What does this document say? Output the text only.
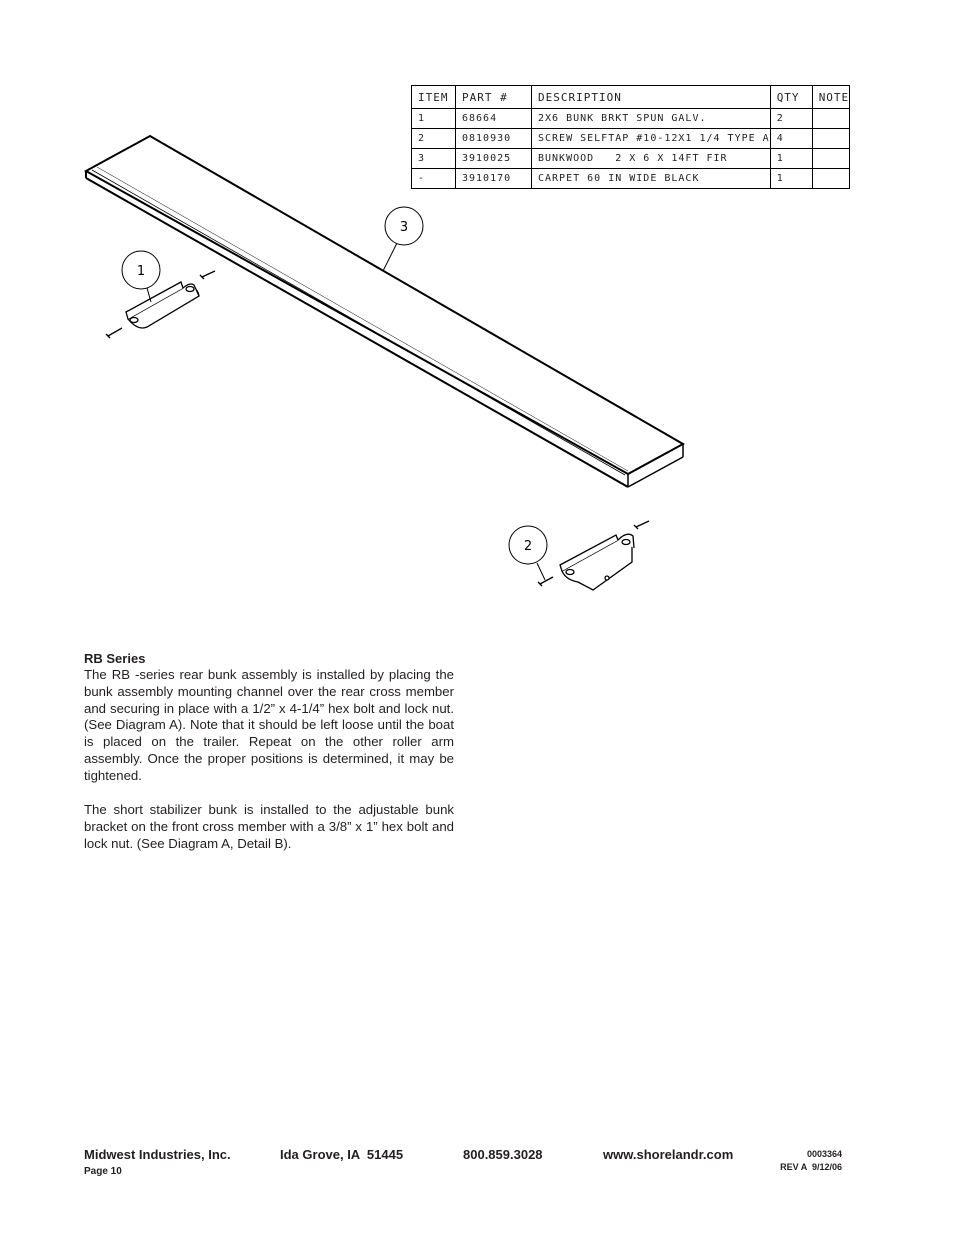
ITEM	PART #	DESCRIPTION	QTY	NOTE
1	68664	2X6 BUNK BRKT SPUN GALV.	2	
2	0810930	SCREW SELFTAP #10-12X1 1/4 TYPE A	4	
3	3910025	BUNKWOOD   2 X 6 X 14FT FIR	1	
-	3910170	CARPET 60 IN WIDE BLACK	1	
3
1
2

RB Series

The RB -series rear bunk assembly is installed by placing the bunk assembly mounting channel over the rear cross member and securing in place with a 1/2” x 4-1/4” hex bolt and lock nut. (See Diagram A). Note that it should be left loose until the boat is placed on the trailer. Repeat on the other roller arm assembly. Once the proper positions is determined, it may be tightened.

The short stabilizer bunk is installed to the adjustable bunk bracket on the front cross member with a 3/8” x 1” hex bolt and lock nut. (See Diagram A, Detail B).

Midwest Industries, Inc.	Ida Grove, IA  51445	800.859.3028	www.shorelandr.com

Page 10
0003364
REV A  9/12/06
